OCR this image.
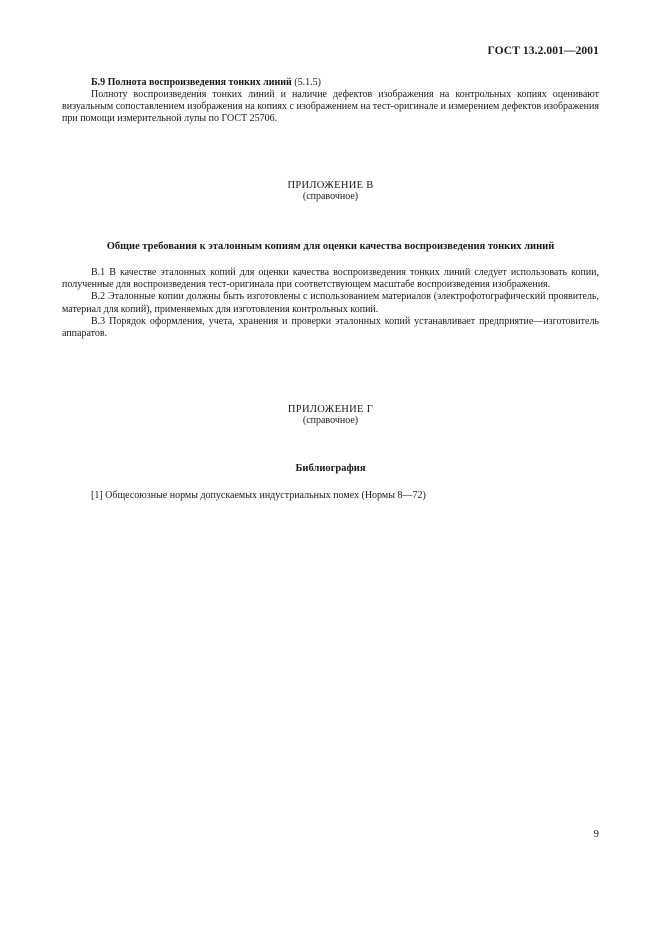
ГОСТ 13.2.001—2001

Б.9 Полнота воспроизведения тонких линий (5.1.5)

Полноту воспроизведения тонких линий и наличие дефектов изображения на контрольных копиях оценивают визуальным сопоставлением изображения на копиях с изображением на тест-оригинале и измерением дефектов изображения при помощи измерительной лупы по ГОСТ 25706.

ПРИЛОЖЕНИЕ В
(справочное)
Общие требования к эталонным копиям для оценки качества воспроизведения тонких линий

В.1 В качестве эталонных копий для оценки качества воспроизведения тонких линий следует использовать копии, полученные для воспроизведения тест-оригинала при соответствующем масштабе воспроизведения изображения.

В.2 Эталонные копии должны быть изготовлены с использованием материалов (электрофотографический проявитель, материал для копий), применяемых для изготовления контрольных копий.

В.3 Порядок оформления, учета, хранения и проверки эталонных копий устанавливает предприятие—изготовитель аппаратов.

ПРИЛОЖЕНИЕ Г
(справочное)
Библиография

[1] Общесоюзные нормы допускаемых индустриальных помех (Нормы 8—72)

9
